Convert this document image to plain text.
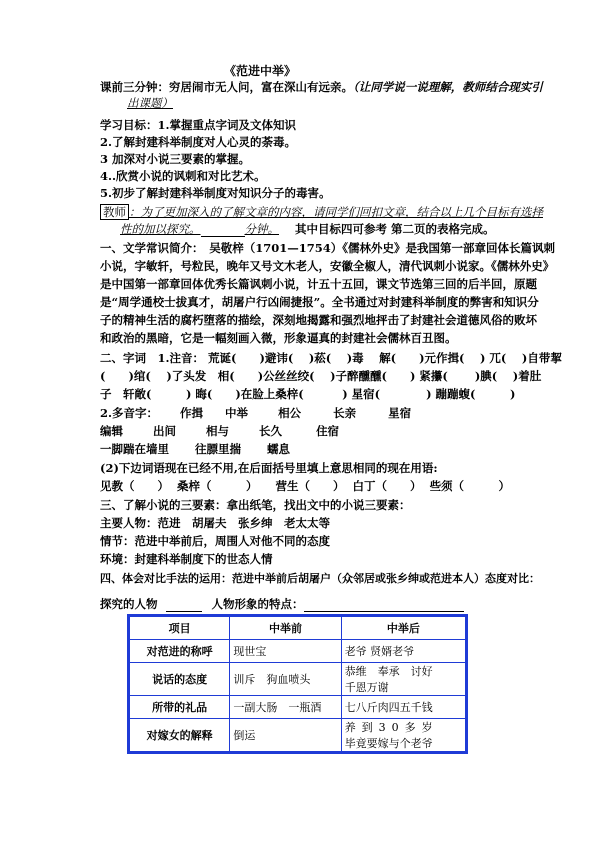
《范进中举》
课前三分钟：穷居闹市无人问，富在深山有远亲。（让同学说一说理解，教师结合现实引
出课题）
学习目标：1.掌握重点字词及文体知识
2.了解封建科举制度对人心灵的荼毒。
3 加深对小说三要素的掌握。
4..欣赏小说的讽刺和对比艺术。
5.初步了解封建科举制度对知识分子的毒害。
教师 ：为了更加深入的了解文章的内容，请同学们回扣文章，结合以上几个目标有选择
性的加以探究。	分钟。 其中目标四可参考 第二页的表格完成。
一、文学常识简介：　吴敬梓（1701—1754）《儒林外史》是我国第一部章回体长篇讽刺
小说，字敏轩，号粒民，晚年又号文木老人，安徽全椒人，清代讽刺小说家。《儒林外史》
是中国第一部章回体优秀长篇讽刺小说，计五十五回，课文节选第三回的后半回，原题
是“周学通校士拔真才，胡屠户行凶闹捷报”。全书通过对封建科举制度的弊害和知识分
子的精神生活的腐朽堕落的描绘，深刻地揭露和强烈地抨击了封建社会道德风俗的败坏
和政治的黑暗，它是一幅刻画入微，形象逼真的封建社会儒林百丑图。
二、字词　1.注音： 荒诞(　　)避讳(　 )菘(　 )毒　 解(　　)元作揖(　 ) 兀(　 )自带挈
(　　)绾(　 )了头发　相(　　)公丝丝绞(　 )子醉醺醺(　　) 紧攥(　　 )腆(　 )着肚
子　轩敞(　　　) 晦(　　)在脸上桑梓(　　 　) 星宿(　　　　) 蹦蹦蝮(　　　)
2.多音字： 作揖 中举	相公	长亲	星宿
编辑	出间	相与	长久	住宿
一脚踹在墙里 往膘里揣 蠕息
(2)下边词语现在已经不用,在后面括号里填上意思相同的现在用语:
见教（　　） 桑梓（　　　） 营生（　　） 白丁（　　） 些须（　　　）
三、了解小说的三要素：拿出纸笔，找出文中的小说三要素：
主要人物：范进　胡屠夫　张乡绅　老太太等
情节：范进中举前后，周围人对他不同的态度
环境：封建科举制度下的世态人情
四、体会对比手法的运用：范进中举前后胡屠户（众邻居或张乡绅或范进本人）态度对比：
探究的人物	人物形象的特点：
项目	中举前	中举后
对范进的称呼	现世宝	老爷 贤婿老爷
说话的态度	训斥　狗血喷头	恭维　奉承　讨好
千恩万谢

所带的礼品	一副大肠　一瓶酒	七八斤肉四五千钱
对嫁女的解释	倒运	养到30多岁
毕竟要嫁与个老爷
